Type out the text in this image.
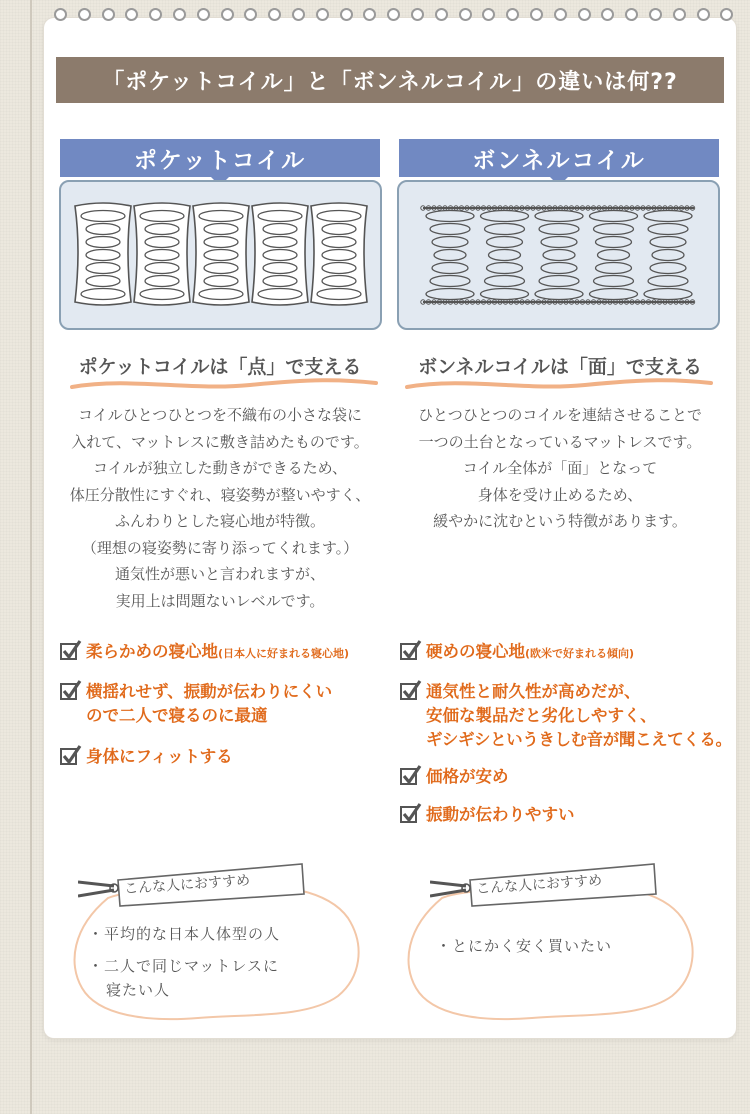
「ポケットコイル」と「ボンネルコイル」の違いは何??
ポケットコイル	ボンネルコイル
ポケットコイルは「点」で支える	ボンネルコイルは「面」で支える
コイルひとつひとつを不織布の小さな袋に
入れて、マットレスに敷き詰めたものです。
コイルが独立した動きができるため、
体圧分散性にすぐれ、寝姿勢が整いやすく、
ふんわりとした寝心地が特徴。
（理想の寝姿勢に寄り添ってくれます。）
通気性が悪いと言われますが、
実用上は問題ないレベルです。
ひとつひとつのコイルを連結させることで
一つの土台となっているマットレスです。
コイル全体が「面」となって
身体を受け止めるため、
緩やかに沈むという特徴があります。
柔らかめの寝心地(日本人に好まれる寝心地)
横揺れせず、振動が伝わりにくい
ので二人で寝るのに最適
身体にフィットする
硬めの寝心地(欧米で好まれる傾向)
通気性と耐久性が高めだが、
安価な製品だと劣化しやすく、
ギシギシというきしむ音が聞こえてくる。
価格が安め
振動が伝わりやすい
こんな人におすすめ	こんな人におすすめ
・平均的な日本人体型の人
・二人で同じマットレスに
寝たい人
・とにかく安く買いたい
